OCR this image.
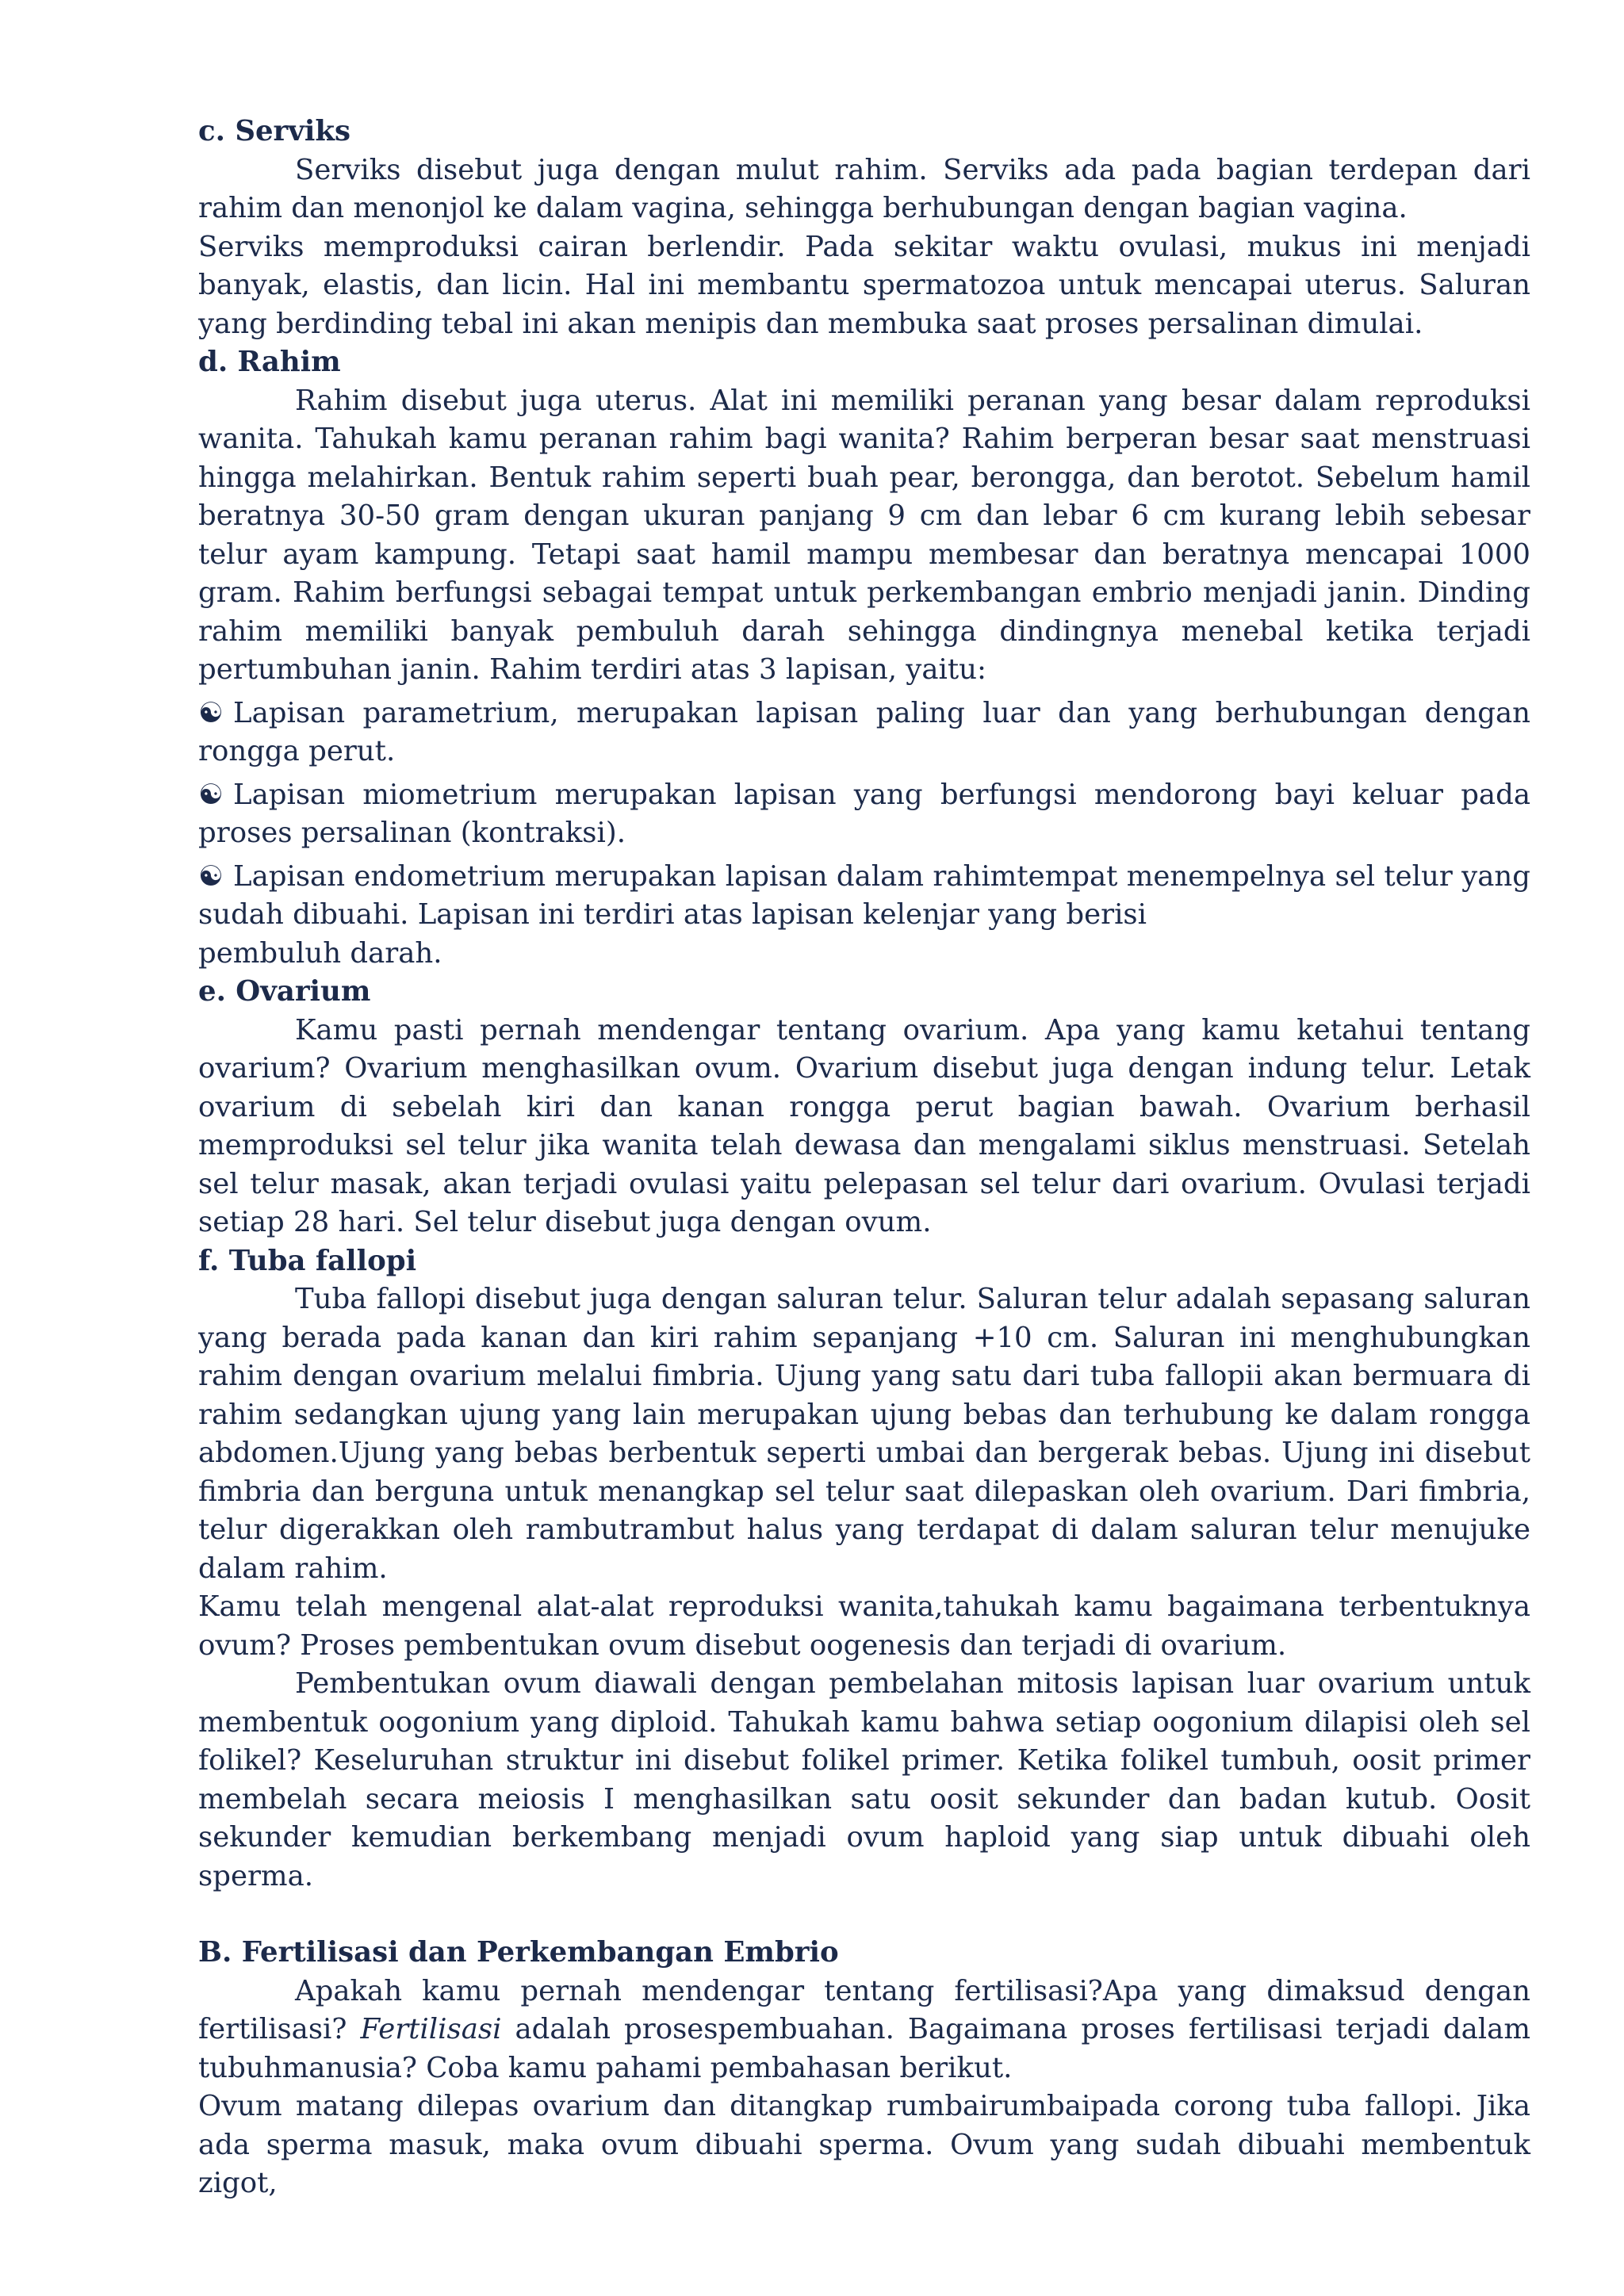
c. Serviks

Serviks disebut juga dengan mulut rahim. Serviks ada pada bagian terdepan dari rahim dan menonjol ke dalam vagina, sehingga berhubungan dengan bagian vagina.

Serviks memproduksi cairan berlendir. Pada sekitar waktu ovulasi, mukus ini menjadi banyak, elastis, dan licin. Hal ini membantu spermatozoa untuk mencapai uterus. Saluran yang berdinding tebal ini akan menipis dan membuka saat proses persalinan dimulai.

d. Rahim

Rahim disebut juga uterus. Alat ini memiliki peranan yang besar dalam reproduksi wanita. Tahukah kamu peranan rahim bagi wanita? Rahim berperan besar saat menstruasi hingga melahirkan. Bentuk rahim seperti buah pear, berongga, dan berotot. Sebelum hamil beratnya 30-50 gram dengan ukuran panjang 9 cm dan lebar 6 cm kurang lebih sebesar telur ayam kampung. Tetapi saat hamil mampu membesar dan beratnya mencapai 1000 gram. Rahim berfungsi sebagai tempat untuk perkembangan embrio menjadi janin. Dinding rahim memiliki banyak pembuluh darah sehingga dindingnya menebal ketika terjadi pertumbuhan janin. Rahim terdiri atas 3 lapisan, yaitu:

☯ Lapisan parametrium, merupakan lapisan paling luar dan yang berhubungan dengan rongga perut.

☯ Lapisan miometrium merupakan lapisan yang berfungsi mendorong bayi keluar pada proses persalinan (kontraksi).

☯ Lapisan endometrium merupakan lapisan dalam rahimtempat menempelnya sel telur yang sudah dibuahi. Lapisan ini terdiri atas lapisan kelenjar yang berisi

pembuluh darah.

e. Ovarium

Kamu pasti pernah mendengar tentang ovarium. Apa yang kamu ketahui tentang ovarium? Ovarium menghasilkan ovum. Ovarium disebut juga dengan indung telur. Letak ovarium di sebelah kiri dan kanan rongga perut bagian bawah. Ovarium berhasil memproduksi sel telur jika wanita telah dewasa dan mengalami siklus menstruasi. Setelah sel telur masak, akan terjadi ovulasi yaitu pelepasan sel telur dari ovarium. Ovulasi terjadi setiap 28 hari. Sel telur disebut juga dengan ovum.

f. Tuba fallopi

Tuba fallopi disebut juga dengan saluran telur. Saluran telur adalah sepasang saluran yang berada pada kanan dan kiri rahim sepanjang +10 cm. Saluran ini menghubungkan rahim dengan ovarium melalui fimbria. Ujung yang satu dari tuba fallopii akan bermuara di rahim sedangkan ujung yang lain merupakan ujung bebas dan terhubung ke dalam rongga abdomen.Ujung yang bebas berbentuk seperti umbai dan bergerak bebas. Ujung ini disebut fimbria dan berguna untuk menangkap sel telur saat dilepaskan oleh ovarium. Dari fimbria, telur digerakkan oleh rambutrambut halus yang terdapat di dalam saluran telur menujuke dalam rahim.

Kamu telah mengenal alat-alat reproduksi wanita,tahukah kamu bagaimana terbentuknya ovum? Proses pembentukan ovum disebut oogenesis dan terjadi di ovarium.

Pembentukan ovum diawali dengan pembelahan mitosis lapisan luar ovarium untuk membentuk oogonium yang diploid. Tahukah kamu bahwa setiap oogonium dilapisi oleh sel folikel? Keseluruhan struktur ini disebut folikel primer. Ketika folikel tumbuh, oosit primer membelah secara meiosis I menghasilkan satu oosit sekunder dan badan kutub. Oosit sekunder kemudian berkembang menjadi ovum haploid yang siap untuk dibuahi oleh sperma.

B. Fertilisasi dan Perkembangan Embrio

Apakah kamu pernah mendengar tentang fertilisasi?Apa yang dimaksud dengan fertilisasi? Fertilisasi adalah prosespembuahan. Bagaimana proses fertilisasi terjadi dalam tubuhmanusia? Coba kamu pahami pembahasan berikut.

Ovum matang dilepas ovarium dan ditangkap rumbairumbaipada corong tuba fallopi. Jika ada sperma masuk, maka ovum dibuahi sperma. Ovum yang sudah dibuahi membentuk zigot,
